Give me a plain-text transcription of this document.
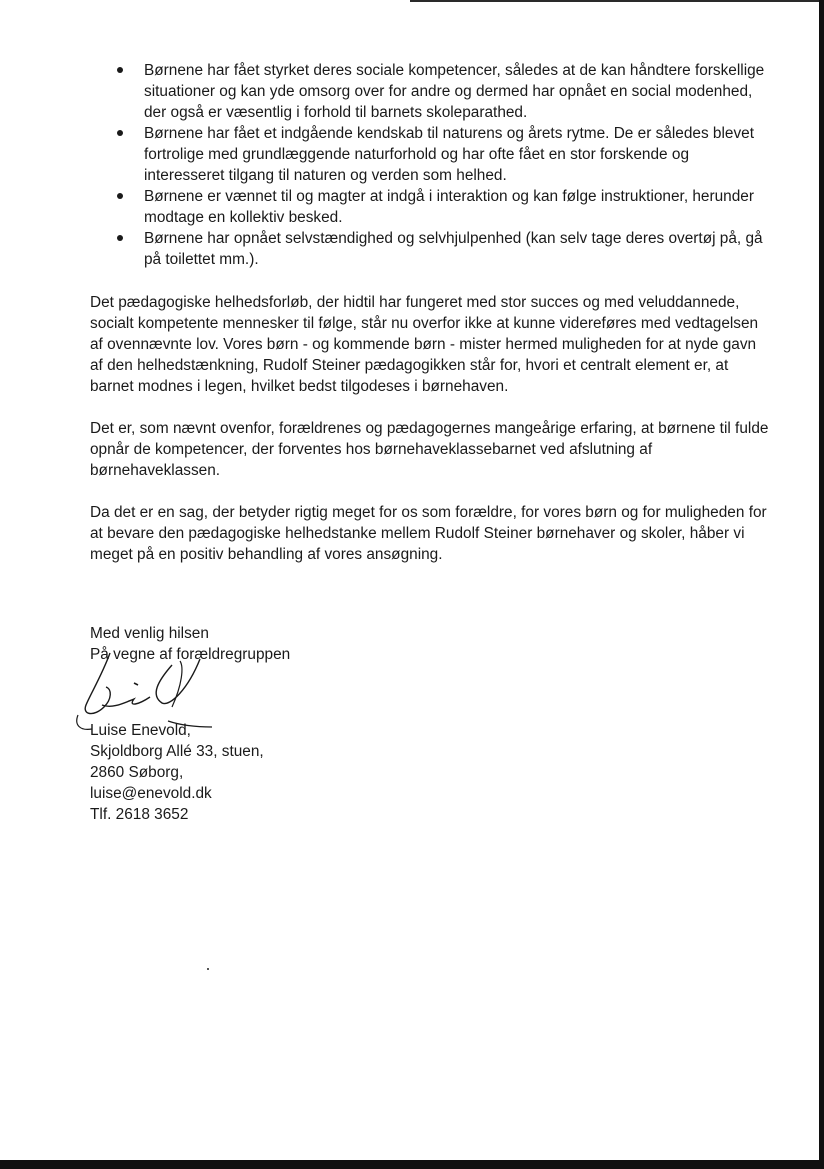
Børnene har fået styrket deres sociale kompetencer, således at de kan håndtere forskellige situationer og kan yde omsorg over for andre og dermed har opnået en social modenhed, der også er væsentlig i forhold til barnets skoleparathed.
Børnene har fået et indgående kendskab til naturens og årets rytme. De er således blevet fortrolige med grundlæggende naturforhold og har ofte fået en stor forskende og interesseret tilgang til naturen og verden som helhed.
Børnene er vænnet til og magter at indgå i interaktion og kan følge instruktioner, herunder modtage en kollektiv besked.
Børnene har opnået selvstændighed og selvhjulpenhed (kan selv tage deres overtøj på, gå på toilettet mm.).

Det pædagogiske helhedsforløb, der hidtil har fungeret med stor succes og med veluddannede, socialt kompetente mennesker til følge, står nu overfor ikke at kunne videreføres med vedtagelsen af ovennævnte lov. Vores børn - og kommende børn - mister hermed muligheden for at nyde gavn af den helhedstænkning, Rudolf Steiner pædagogikken står for, hvori et centralt element er, at barnet modnes i legen, hvilket bedst tilgodeses i børnehaven.

Det er, som nævnt ovenfor, forældrenes og pædagogernes mangeårige erfaring, at børnene til fulde opnår de kompetencer, der forventes hos børnehaveklassebarnet ved afslutning af børnehaveklassen.

Da det er en sag, der betyder rigtig meget for os som forældre, for vores børn og for muligheden for at bevare den pædagogiske helhedstanke mellem Rudolf Steiner børnehaver og skoler, håber vi meget på en positiv behandling af vores ansøgning.

Med venlig hilsen
På vegne af forældregruppen
Luise Enevold,
Skjoldborg Allé 33, stuen,
2860 Søborg,
luise@enevold.dk
Tlf. 2618 3652
